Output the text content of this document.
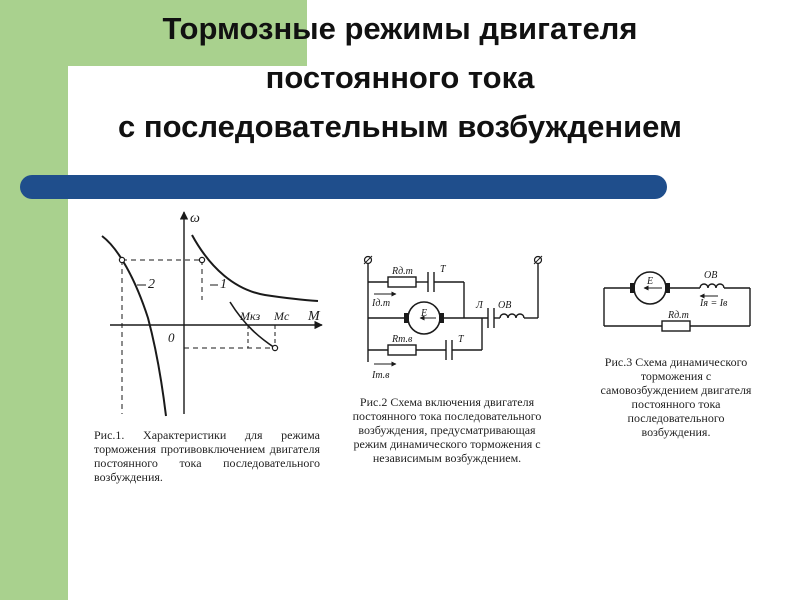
Тормозные режимы двигателя
постоянного тока
с последовательным возбуждением
ω
M
0
1
2
Mкз Mс
Рис.1. Характеристики для режима торможения противовключением двигателя постоянного тока последовательного возбуждения.
Rд.т	Т
Iд.т
E
Л ОВ
Rт.в	Т
Iт.в
Рис.2 Схема включения двигателя постоянного тока последовательного возбуждения, предусматривающая режим динамического торможения с независимым возбуждением.
E
ОВ
Iя = Iв
Rд.т
Рис.3 Схема динамического торможения с самовозбуждением двигателя постоянного тока последовательного возбуждения.
